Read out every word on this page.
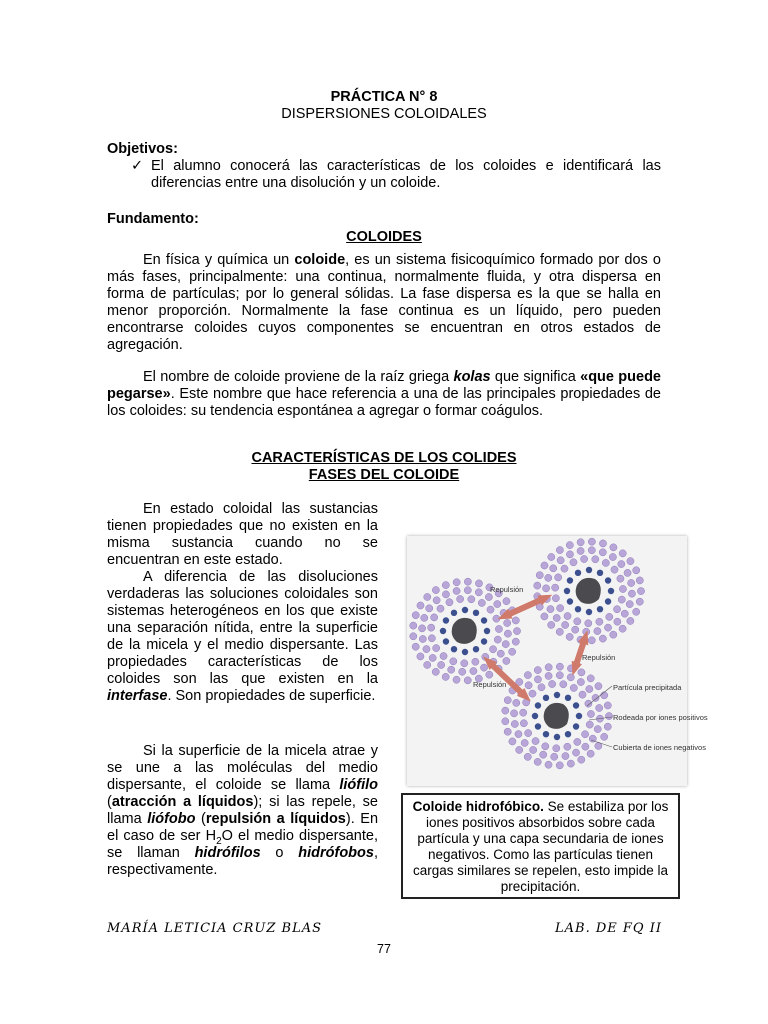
PRÁCTICA N° 8
DISPERSIONES COLOIDALES
Objetivos:
✓ El alumno conocerá las características de los coloides e identificará las diferencias entre una disolución y un coloide.
Fundamento:
COLOIDES
En física y química un coloide, es un sistema fisicoquímico formado por dos o más fases, principalmente: una continua, normalmente fluida, y otra dispersa en forma de partículas; por lo general sólidas. La fase dispersa es la que se halla en menor proporción. Normalmente la fase continua es un líquido, pero pueden encontrarse coloides cuyos componentes se encuentran en otros estados de agregación.
El nombre de coloide proviene de la raíz griega kolas que significa «que puede pegarse». Este nombre que hace referencia a una de las principales propiedades de los coloides: su tendencia espontánea a agregar o formar coágulos.
CARACTERÍSTICAS DE LOS COLIDES
FASES DEL COLOIDE
En estado coloidal las sustancias tienen propiedades que no existen en la misma sustancia cuando no se encuentran en este estado.
A diferencia de las disoluciones verdaderas las soluciones coloidales son sistemas heterogéneos en los que existe una separación nítida, entre la superficie de la micela y el medio dispersante. Las propiedades características de los coloides son las que existen en la interfase. Son propiedades de superficie.
Si la superficie de la micela atrae y se une a las moléculas del medio dispersante, el coloide se llama liófilo (atracción a líquidos); si las repele, se llama liófobo (repulsión a líquidos). En el caso de ser $H_2O$ el medio dispersante, se llaman hidrófilos o hidrófobos, respectivamente.
Repulsión
Repulsión
Repulsión	Partícula precipitada
Rodeada por iones positivos
Cubierta de iones negativos
Coloide hidrofóbico. Se estabiliza por los iones positivos absorbidos sobre cada partícula y una capa secundaria de iones negativos. Como las partículas tienen cargas similares se repelen, esto impide la precipitación.
MARÍA LETICIA CRUZ BLAS	LAB. DE FQ II
77
